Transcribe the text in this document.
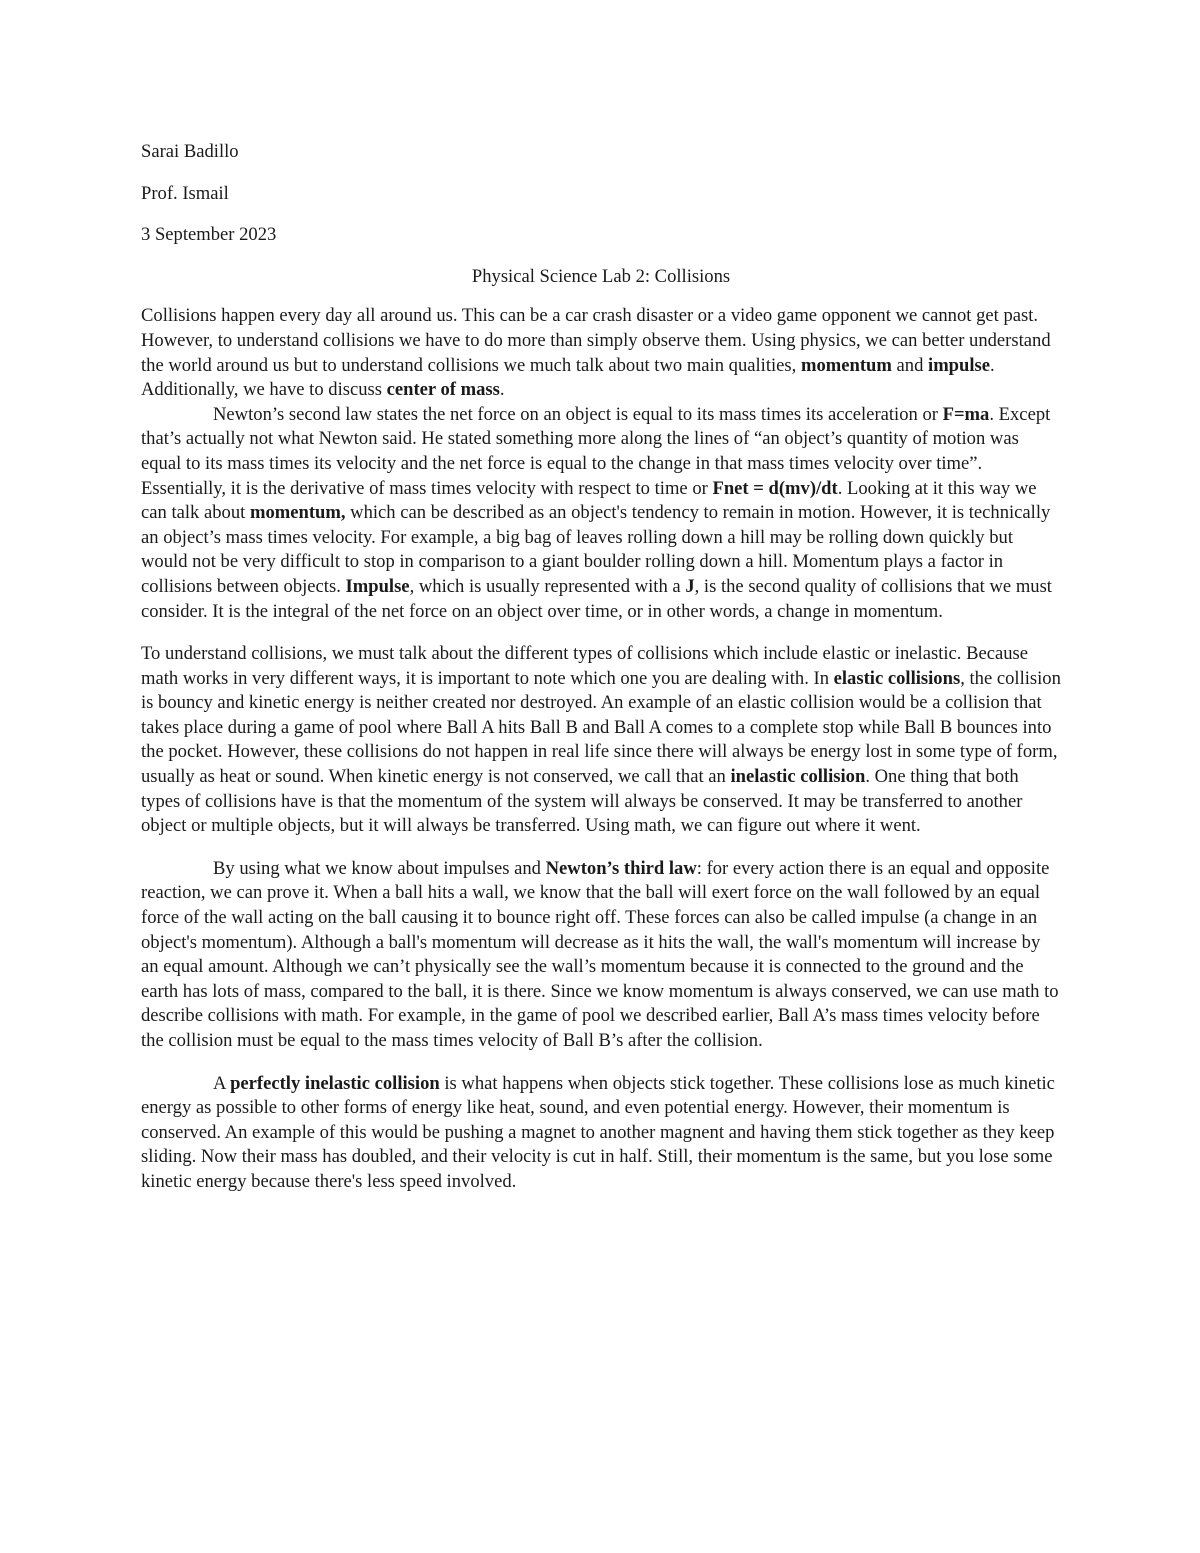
Sarai Badillo
Prof. Ismail
3 September 2023
Physical Science Lab 2: Collisions

Collisions happen every day all around us. This can be a car crash disaster or a video game opponent we cannot get past. However, to understand collisions we have to do more than simply observe them. Using physics, we can better understand the world around us but to understand collisions we much talk about two main qualities, momentum and impulse. Additionally, we have to discuss center of mass.

Newton’s second law states the net force on an object is equal to its mass times its acceleration or F=ma. Except that’s actually not what Newton said. He stated something more along the lines of “an object’s quantity of motion was equal to its mass times its velocity and the net force is equal to the change in that mass times velocity over time”. Essentially, it is the derivative of mass times velocity with respect to time or Fnet = d(mv)/dt. Looking at it this way we can talk about momentum, which can be described as an object's tendency to remain in motion. However, it is technically an object’s mass times velocity. For example, a big bag of leaves rolling down a hill may be rolling down quickly but would not be very difficult to stop in comparison to a giant boulder rolling down a hill. Momentum plays a factor in collisions between objects. Impulse, which is usually represented with a J, is the second quality of collisions that we must consider. It is the integral of the net force on an object over time, or in other words, a change in momentum.

To understand collisions, we must talk about the different types of collisions which include elastic or inelastic. Because math works in very different ways, it is important to note which one you are dealing with. In elastic collisions, the collision is bouncy and kinetic energy is neither created nor destroyed. An example of an elastic collision would be a collision that takes place during a game of pool where Ball A hits Ball B and Ball A comes to a complete stop while Ball B bounces into the pocket. However, these collisions do not happen in real life since there will always be energy lost in some type of form, usually as heat or sound. When kinetic energy is not conserved, we call that an inelastic collision. One thing that both types of collisions have is that the momentum of the system will always be conserved. It may be transferred to another object or multiple objects, but it will always be transferred. Using math, we can figure out where it went.

By using what we know about impulses and Newton’s third law: for every action there is an equal and opposite reaction, we can prove it. When a ball hits a wall, we know that the ball will exert force on the wall followed by an equal force of the wall acting on the ball causing it to bounce right off. These forces can also be called impulse (a change in an object's momentum). Although a ball's momentum will decrease as it hits the wall, the wall's momentum will increase by an equal amount. Although we can’t physically see the wall’s momentum because it is connected to the ground and the earth has lots of mass, compared to the ball, it is there. Since we know momentum is always conserved, we can use math to describe collisions with math. For example, in the game of pool we described earlier, Ball A’s mass times velocity before the collision must be equal to the mass times velocity of Ball B’s after the collision.

A perfectly inelastic collision is what happens when objects stick together. These collisions lose as much kinetic energy as possible to other forms of energy like heat, sound, and even potential energy. However, their momentum is conserved. An example of this would be pushing a magnet to another magnent and having them stick together as they keep sliding. Now their mass has doubled, and their velocity is cut in half. Still, their momentum is the same, but you lose some kinetic energy because there's less speed involved.
